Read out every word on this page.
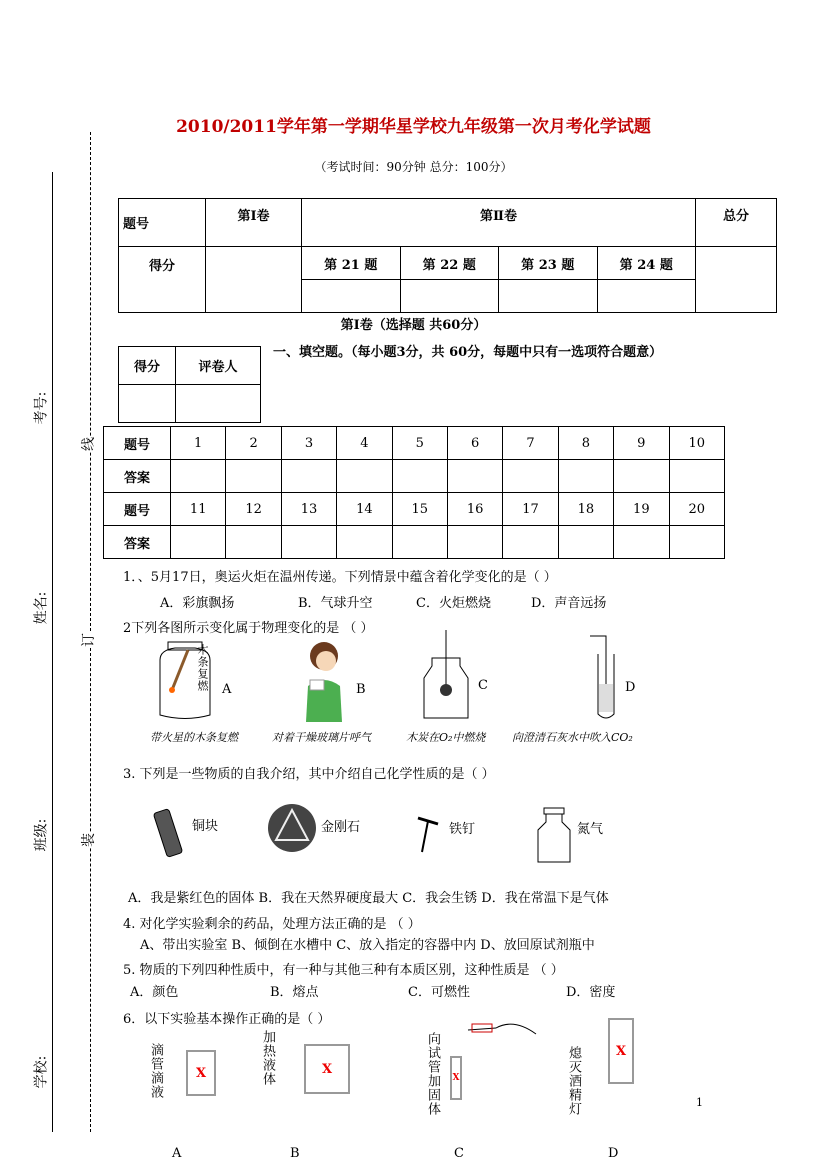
考号:
姓名:
班级:
学校:
线
订
装
2010/2011学年第一学期华星学校九年级第一次月考化学试题
（考试时间：90分钟 总分：100分）
题号	第Ⅰ卷	第Ⅱ卷				总分
得分		第 21 题	第 22 题	第 23 题	第 24 题	

第Ⅰ卷（选择题 共60分）
得分	评卷人

一、填空题。（每小题3分，共 60分，每题中只有一选项符合题意）
题号	1	2	3	4	5	6	7	8	9	10
答案										
题号	11	12	13	14	15	16	17	18	19	20
答案										
1．、5月17日，奥运火炬在温州传递。下列情景中蕴含着化学变化的是（ ）
A．彩旗飘扬	B．气球升空	C．火炬燃烧	D．声音远扬
2下列各图所示变化属于物理变化的是 （ ）
木条复燃 A	B	C	D
带火星的木条复燃	对着干燥玻璃片呼气	木炭在O₂中燃烧 向澄清石灰水中吹入CO₂
3. 下列是一些物质的自我介绍，其中介绍自己化学性质的是（ ）
铜块	金刚石	铁钉	氮气
A．我是紫红色的固体 B．我在天然界硬度最大 C．我会生锈 D．我在常温下是气体
4. 对化学实验剩余的药品，处理方法正确的是 （ ）
A、带出实验室 B、倾倒在水槽中 C、放入指定的容器中内 D、放回原试剂瓶中
5. 物质的下列四种性质中，有一种与其他三种有本质区别，这种性质是 （ ）
A．颜色	B．熔点	C．可燃性	D．密度
6．以下实验基本操作正确的是（ ）
滴管滴液	X	加热液体	X	向试管加固体 X	熄灭酒精灯	X
A	B	C	D
1
